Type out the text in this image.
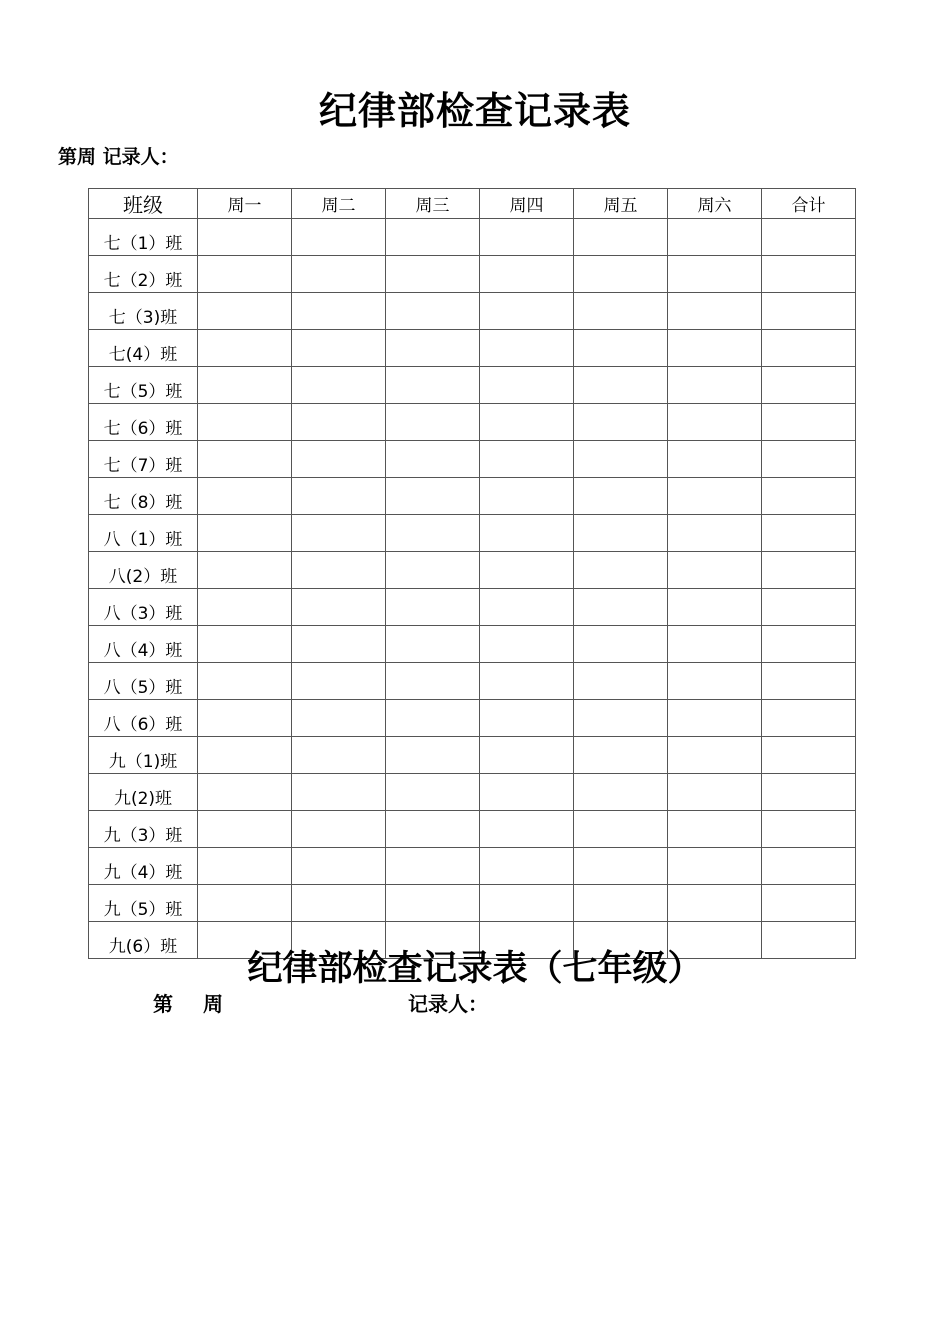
纪律部检查记录表
第周 记录人：
班级	周一	周二	周三	周四	周五	周六	合计
七（1）班							
七（2）班							
七（3)班							
七(4）班							
七（5）班							
七（6）班							
七（7）班							
七（8）班							
八（1）班							
八(2）班							
八（3）班							
八（4）班							
八（5）班							
八（6）班							
九（1)班							
九(2)班							
九（3）班							
九（4）班							
九（5）班							
九(6）班							
纪律部检查记录表（七年级）
第周	记录人：
